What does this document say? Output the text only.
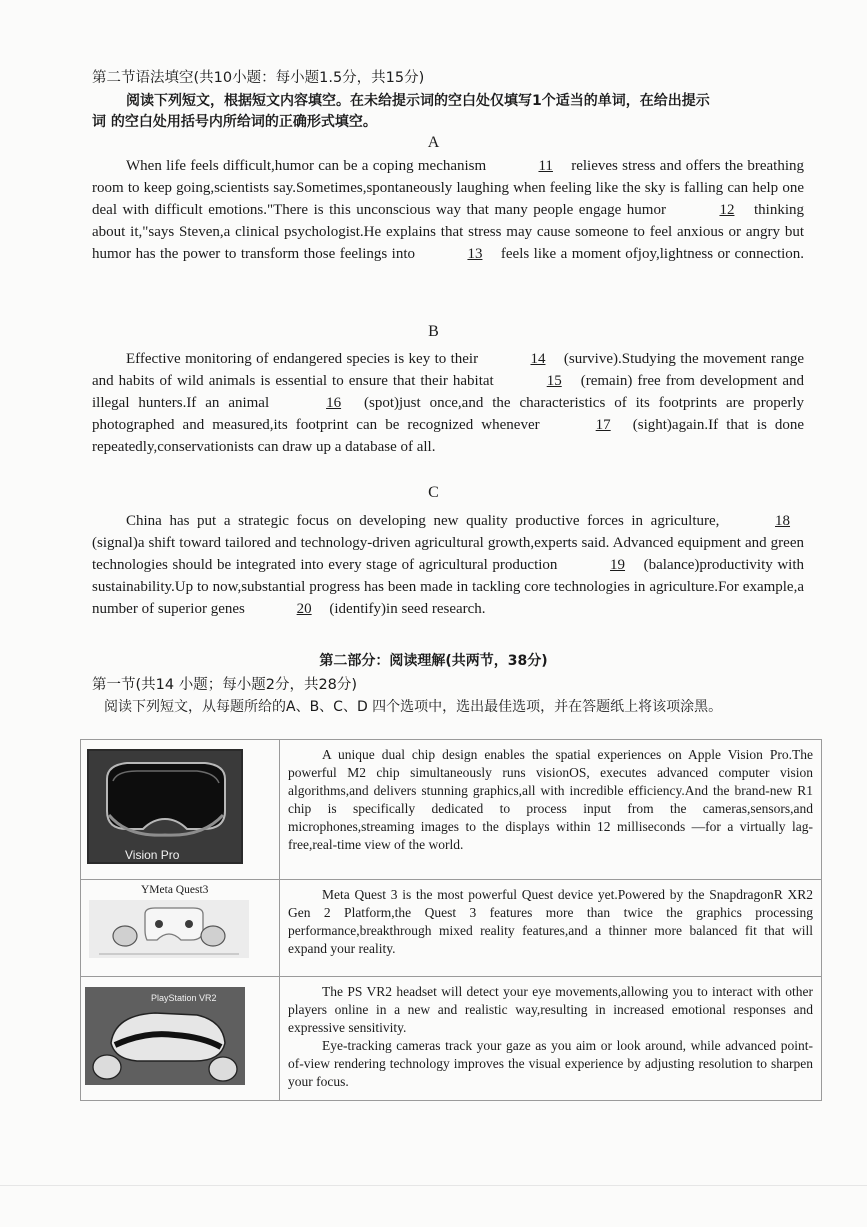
第二节语法填空(共10小题：每小题1.5分，共15分)
阅读下列短文，根据短文内容填空。在未给提示词的空白处仅填写1个适当的单词，在给出提示
词 的空白处用括号内所给词的正确形式填空。
A

When life feels difficult,humor can be a coping mechanism	11 relieves stress and offers the breathing room to keep going,scientists say.Sometimes,spontaneously laughing when feeling like the sky is falling can help one deal with difficult emotions."There is this unconscious way that many people engage humor	12 thinking about it,"says Steven,a clinical psychologist.He explains that stress may cause someone to feel anxious or angry but humor has the power to transform those feelings into	13 feels like a moment ofjoy,lightness or connection.

B

Effective monitoring of endangered species is key to their	14 (survive).Studying the movement range and habits of wild animals is essential to ensure that their habitat	15 (remain) free from development and illegal hunters.If an animal	16 (spot)just once,and the characteristics of its footprints are properly photographed and measured,its footprint can be recognized whenever	17 (sight)again.If that is done repeatedly,conservationists can draw up a database of all.

C

China has put a strategic focus on developing new quality productive forces in agriculture,	18 (signal)a shift toward tailored and technology-driven agricultural growth,experts said. Advanced equipment and green technologies should be integrated into every stage of agricultural production	19 (balance)productivity with sustainability.Up to now,substantial progress has been made in tackling core technologies in agriculture.For example,a number of superior genes	20 (identify)in seed research.

第二部分：阅读理解(共两节，38分)
第一节(共14 小题；每小题2分，共28分)
阅读下列短文，从每题所给的A、B、C、D 四个选项中，选出最佳选项，并在答题纸上将该项涂黑。
Vision Pro	A unique dual chip design enables the spatial experiences on Apple Vision Pro.The powerful M2 chip simultaneously runs visionOS, executes advanced computer vision algorithms,and delivers stunning graphics,all with incredible efficiency.And the brand-new R1 chip is specifically dedicated to process input from the cameras,sensors,and microphones,streaming images to the displays within 12 milliseconds —for a virtually lag-free,real-time view of the world.

YMeta Quest3	Meta Quest 3 is the most powerful Quest device yet.Powered by the SnapdragonR XR2 Gen 2 Platform,the Quest 3 features more than twice the graphics processing performance,breakthrough mixed reality features,and a thinner more balanced fit that will expand your reality.

PlayStation VR2	The PS VR2 headset will detect your eye movements,allowing you to interact with other players online in a new and realistic way,resulting in increased emotional responses and expressive sensitivity.

Eye-tracking cameras track your gaze as you aim or look around, while advanced point-of-view rendering technology improves the visual experience by adjusting resolution to sharpen your focus.
